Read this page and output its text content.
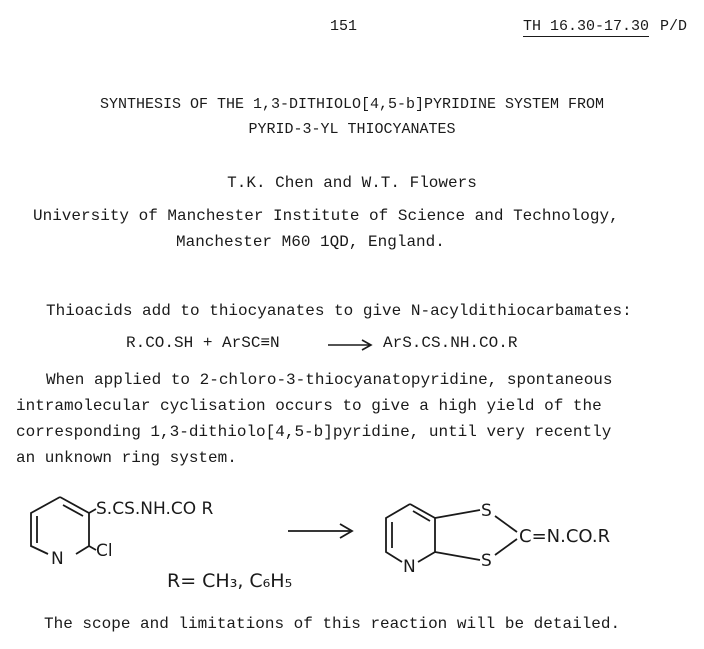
151	TH 16.30-17.30 P/D
SYNTHESIS OF THE 1,3-DITHIOLO[4,5-b]PYRIDINE SYSTEM FROM
PYRID-3-YL THIOCYANATES
T.K. Chen and W.T. Flowers
University of Manchester Institute of Science and Technology,
Manchester M60 1QD, England.
Thioacids add to thiocyanates to give N-acyldithiocarbamates:
R.CO.SH + ArSC≡N	ArS.CS.NH.CO.R
When applied to 2-chloro-3-thiocyanatopyridine, spontaneous
intramolecular cyclisation occurs to give a high yield of the
corresponding 1,3-dithiolo[4,5-b]pyridine, until very recently
an unknown ring system.
N
S.CS.NH.CO R
Cl
N
S
S
C=N.CO.R
R= CH₃, C₆H₅
The scope and limitations of this reaction will be detailed.
